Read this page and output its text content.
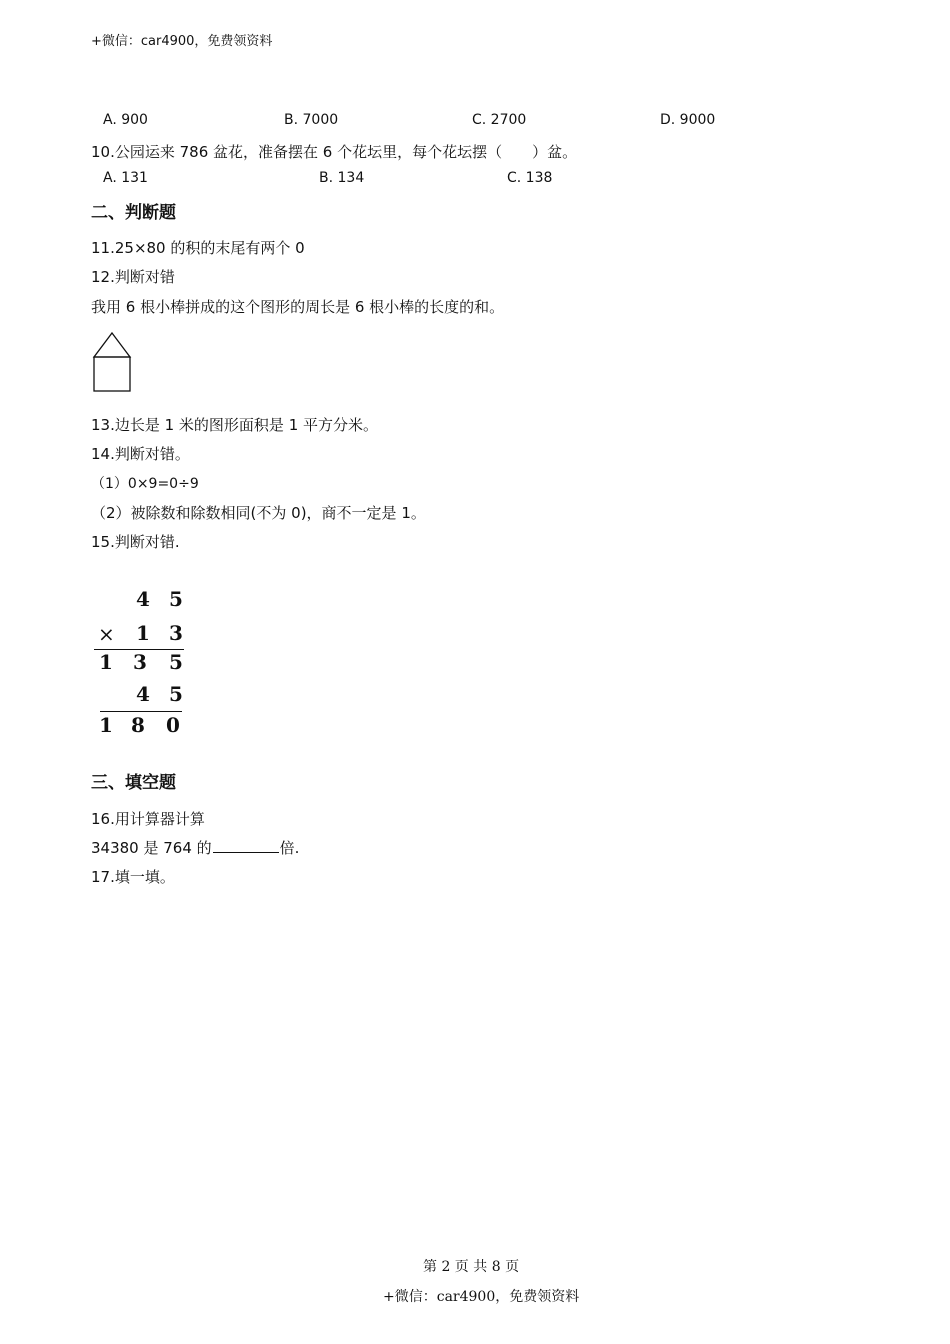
+微信：car4900，免费领资料
A. 900	B. 7000	C. 2700	D. 9000
10.公园运来 786 盆花，准备摆在 6 个花坛里，每个花坛摆（　　）盆。
A. 131	B. 134	C. 138
二、判断题
11.25×80 的积的末尾有两个 0
12.判断对错
我用 6 根小棒拼成的这个图形的周长是 6 根小棒的长度的和。
13.边长是 1 米的图形面积是 1 平方分米。
14.判断对错。
（1）0×9=0÷9
（2）被除数和除数相同(不为 0)，商不一定是 1。
15.判断对错.
4 5
× 1 3
1 3 5
4 5
1 8 0
三、填空题
16.用计算器计算
34380 是 764 的	倍.
17.填一填。
第 2 页 共 8 页
+微信：car4900，免费领资料
